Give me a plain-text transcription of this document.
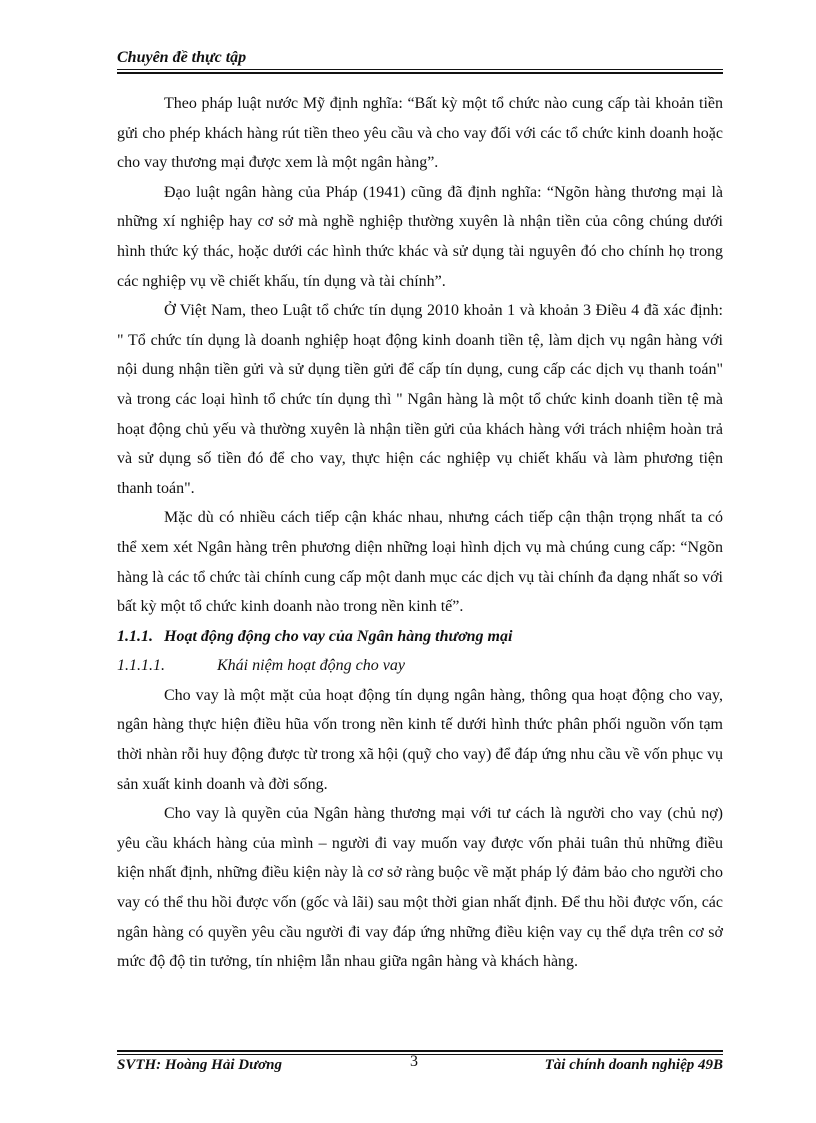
Chuyên đề thực tập

Theo pháp luật nước Mỹ định nghĩa: “Bất kỳ một tổ chức nào cung cấp tài khoản tiền gửi cho phép khách hàng rút tiền theo yêu cầu và cho vay đối với các tổ chức kinh doanh hoặc cho vay thương mại được xem là một ngân hàng”.

Đạo luật ngân hàng của Pháp (1941) cũng đã định nghĩa: “Ngõn hàng thương mại là những xí nghiệp hay cơ sở mà nghề nghiệp thường xuyên là nhận tiền của công chúng dưới hình thức ký thác, hoặc dưới các hình thức khác và sử dụng tài nguyên đó cho chính họ trong các nghiệp vụ về chiết khấu, tín dụng và tài chính”.

Ở Việt Nam, theo Luật tổ chức tín dụng 2010 khoản 1 và khoản 3 Điều 4 đã xác định: " Tổ chức tín dụng là doanh nghiệp hoạt động kinh doanh tiền tệ, làm dịch vụ ngân hàng với nội dung nhận tiền gửi và sử dụng tiền gửi để cấp tín dụng, cung cấp các dịch vụ thanh toán" và trong các loại hình tổ chức tín dụng thì " Ngân hàng là một tổ chức kinh doanh tiền tệ mà hoạt động chủ yếu và thường xuyên là nhận tiền gửi của khách hàng với trách nhiệm hoàn trả và sử dụng số tiền đó để cho vay, thực hiện các nghiệp vụ chiết khấu và làm phương tiện thanh toán".

Mặc dù có nhiều cách tiếp cận khác nhau, nhưng cách tiếp cận thận trọng nhất ta có thể xem xét Ngân hàng trên phương diện những loại hình dịch vụ mà chúng cung cấp: “Ngõn hàng là các tổ chức tài chính cung cấp một danh mục các dịch vụ tài chính đa dạng nhất so với bất kỳ một tổ chức kinh doanh nào trong nền kinh tế”.

1.1.1. Hoạt động động cho vay của Ngân hàng thương mại
1.1.1.1.	Khái niệm hoạt động cho vay

Cho vay là một mặt của hoạt động tín dụng ngân hàng, thông qua hoạt động cho vay, ngân hàng thực hiện điều hũa vốn trong nền kinh tế dưới hình thức phân phối nguồn vốn tạm thời nhàn rỗi huy động được từ trong xã hội (quỹ cho vay) để đáp ứng nhu cầu về vốn phục vụ sản xuất kinh doanh và đời sống.

Cho vay là quyền của Ngân hàng thương mại với tư cách là người cho vay (chủ nợ) yêu cầu khách hàng của mình – người đi vay muốn vay được vốn phải tuân thủ những điều kiện nhất định, những điều kiện này là cơ sở ràng buộc về mặt pháp lý đảm bảo cho người cho vay có thể thu hồi được vốn (gốc và lãi) sau một thời gian nhất định. Để thu hồi được vốn, các ngân hàng có quyền yêu cầu người đi vay đáp ứng những điều kiện vay cụ thể dựa trên cơ sở mức độ độ tin tưởng, tín nhiệm lẫn nhau giữa ngân hàng và khách hàng.

SVTH: Hoàng Hải Dương	3	Tài chính doanh nghiệp 49B
